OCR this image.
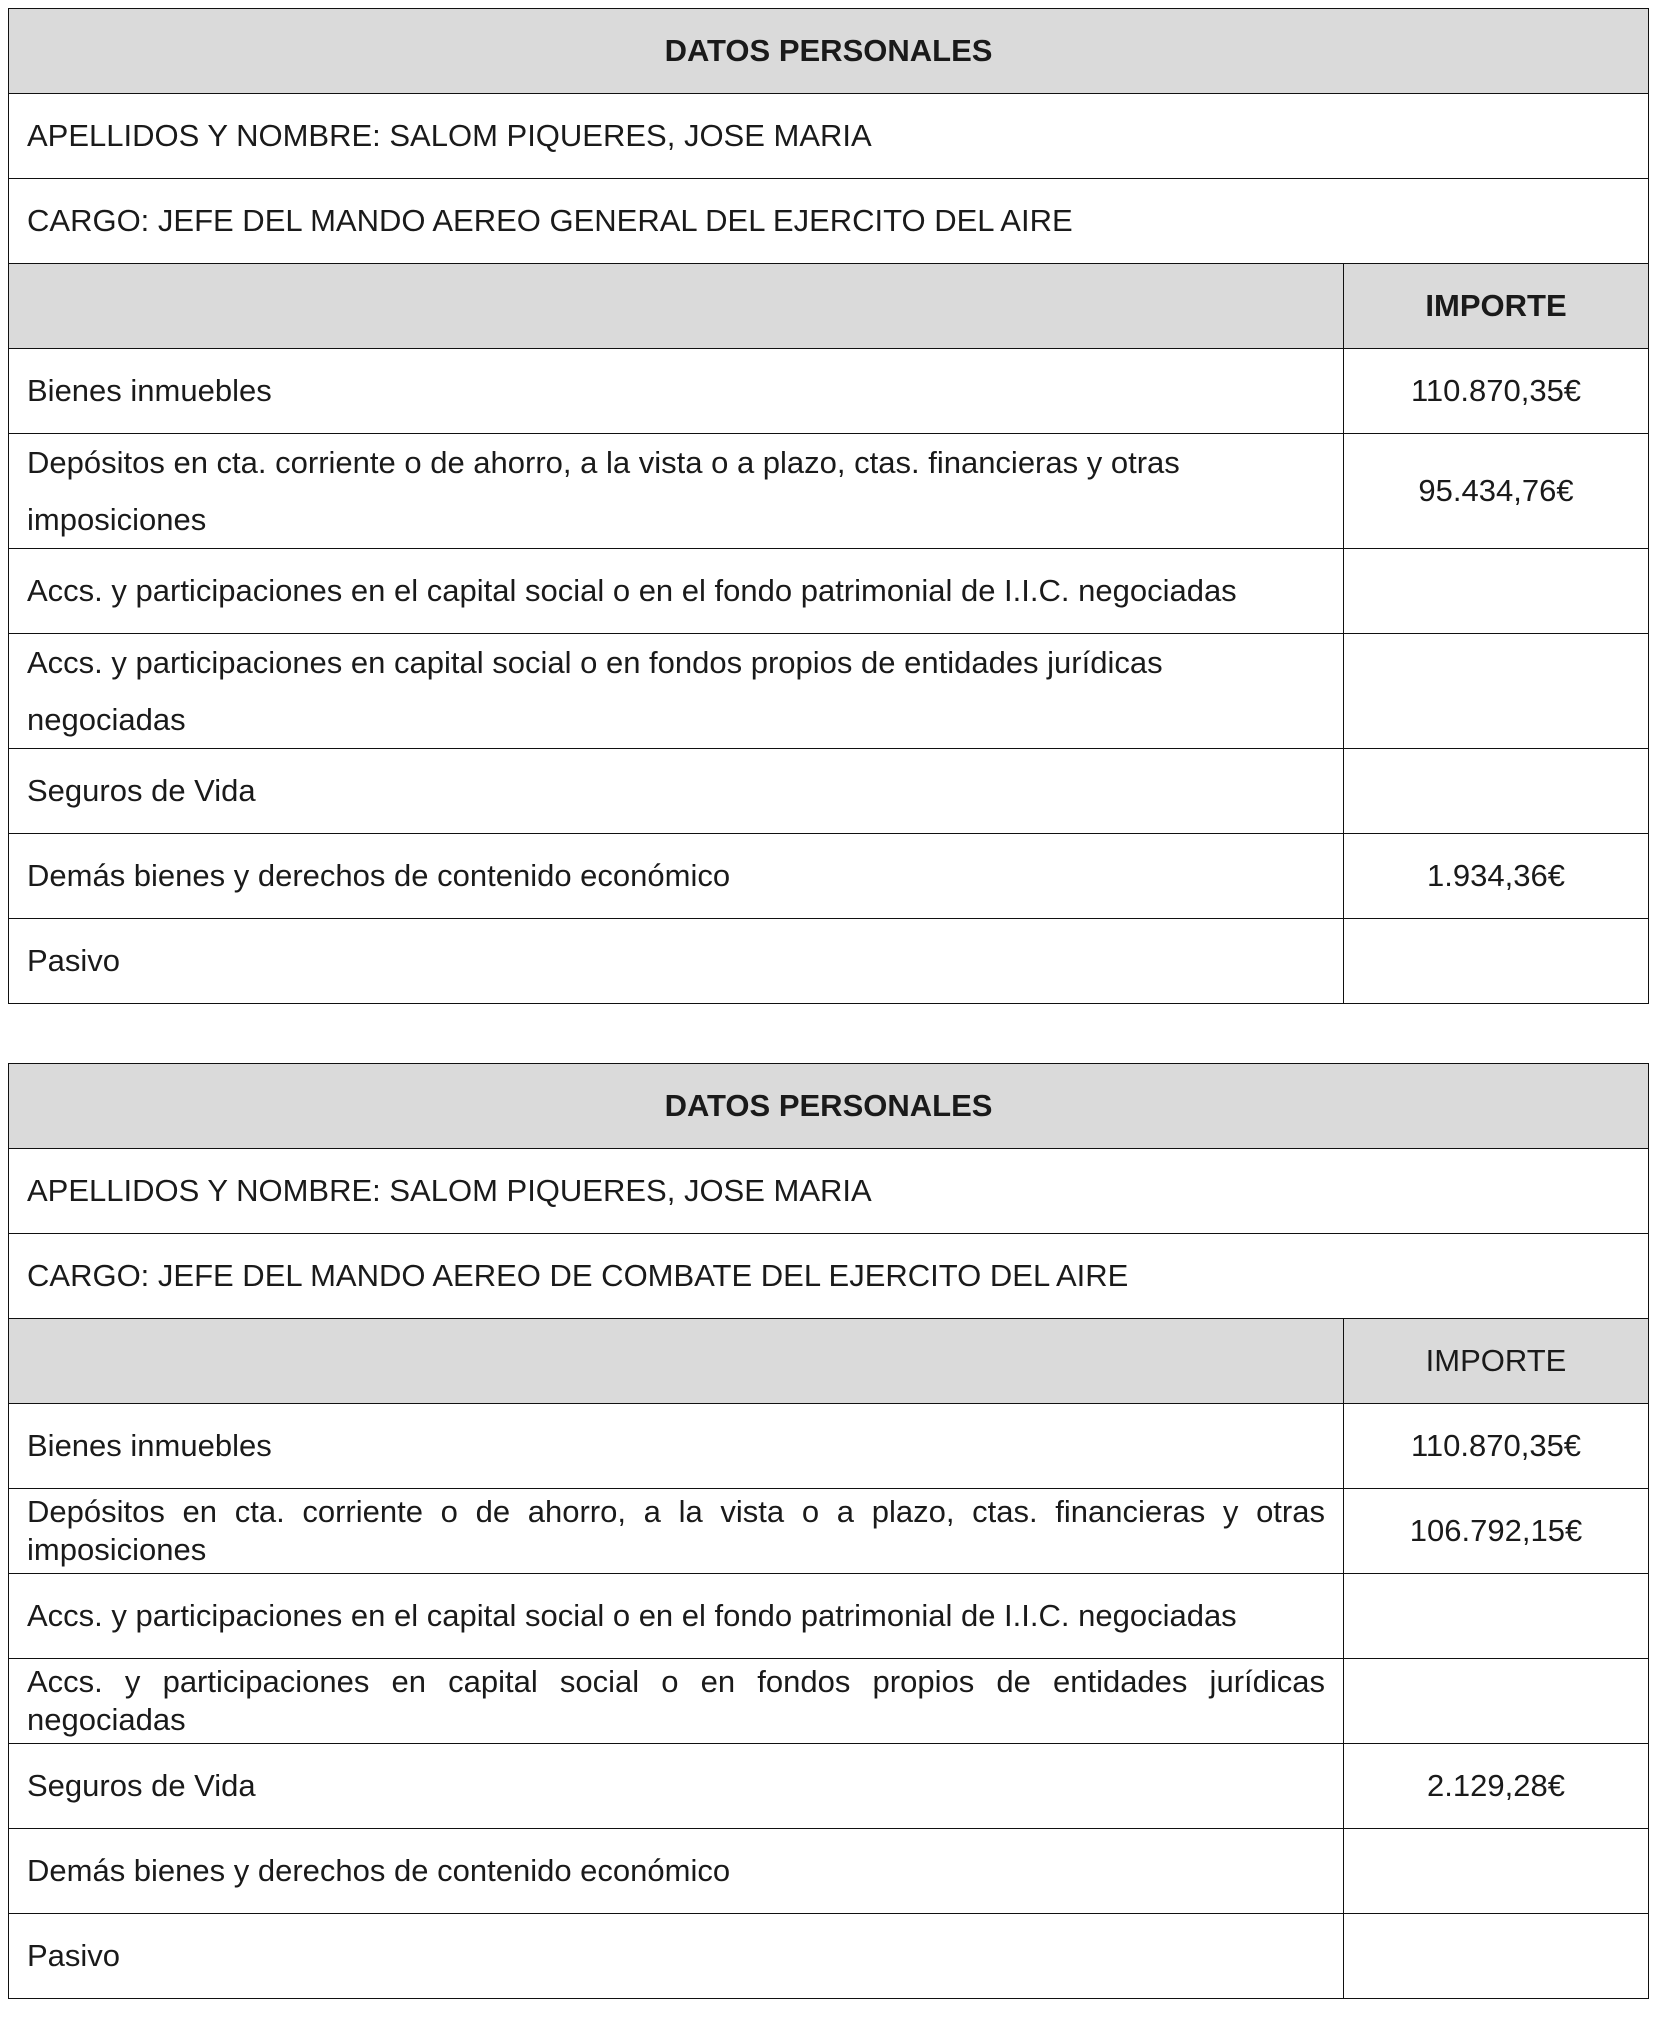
DATOS PERSONALES	
APELLIDOS Y NOMBRE: SALOM PIQUERES, JOSE MARIA	
CARGO: JEFE DEL MANDO AEREO GENERAL DEL EJERCITO DEL AIRE	
	IMPORTE
Bienes inmuebles	110.870,35€
Depósitos en cta. corriente o de ahorro, a la vista o a plazo, ctas. financieras y otras imposiciones	95.434,76€
Accs. y participaciones en el capital social o en el fondo patrimonial de I.I.C. negociadas	
Accs. y participaciones en capital social o en fondos propios de entidades jurídicas negociadas	
Seguros de Vida	
Demás bienes y derechos de contenido económico	1.934,36€
Pasivo	
DATOS PERSONALES	
APELLIDOS Y NOMBRE: SALOM PIQUERES, JOSE MARIA	
CARGO: JEFE DEL MANDO AEREO DE COMBATE DEL EJERCITO DEL AIRE	
	IMPORTE
Bienes inmuebles	110.870,35€
Depósitos en cta. corriente o de ahorro, a la vista o a plazo, ctas. financieras y otras imposiciones	106.792,15€
Accs. y participaciones en el capital social o en el fondo patrimonial de I.I.C. negociadas	
Accs. y participaciones en capital social o en fondos propios de entidades jurídicas negociadas	
Seguros de Vida	2.129,28€
Demás bienes y derechos de contenido económico	
Pasivo	
